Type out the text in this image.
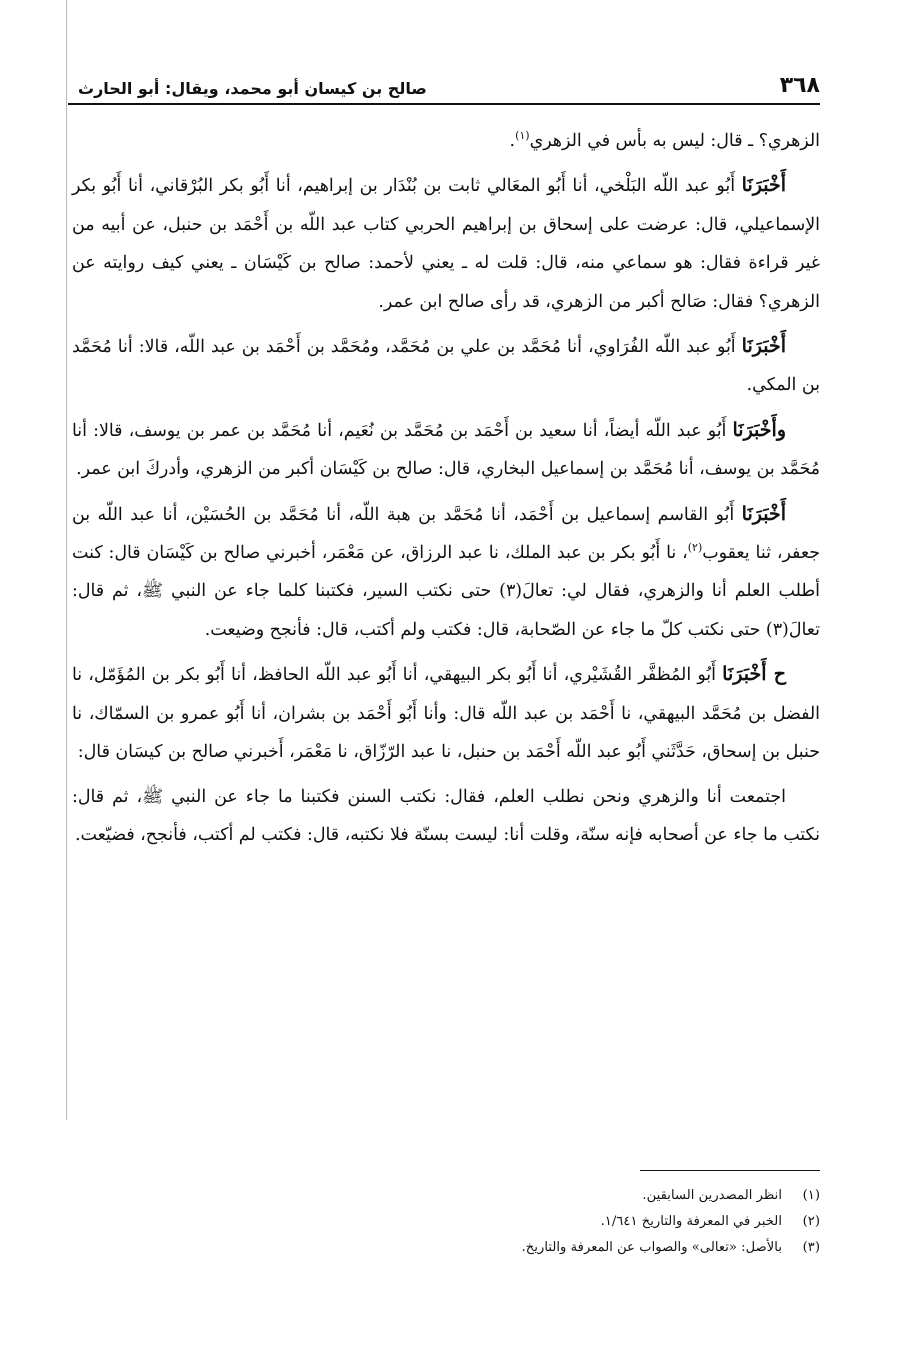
٣٦٨
صالح بن كيسان أبو محمد، ويقال: أبو الحارث

الزهري؟ ـ قال: ليس به بأس في الزهري$^{(١)}$.

أَخْبَرَنَا أَبُو عبد اللّه البَلْخي، أنا أَبُو المعَالي ثابت بن بُنْدَار بن إبراهيم، أنا أَبُو بكر البُرْقاني، أنا أَبُو بكر الإسماعيلي، قال: عرضت على إسحاق بن إبراهيم الحربي كتاب عبد اللّه بن أَحْمَد بن حنبل، عن أبيه من غير قراءة فقال: هو سماعي منه، قال: قلت له ـ يعني لأحمد: صالح بن كَيْسَان ـ يعني كيف روايته عن الزهري؟ فقال: صَالح أكبر من الزهري، قد رأى صالح ابن عمر.

أَخْبَرَنَا أَبُو عبد اللّه الفُرَاوي، أنا مُحَمَّد بن علي بن مُحَمَّد، ومُحَمَّد بن أَحْمَد بن عبد اللّه، قالا: أنا مُحَمَّد بن المكي.

وأَخْبَرَنَا أَبُو عبد اللّه أيضاً، أنا سعيد بن أَحْمَد بن مُحَمَّد بن نُعَيم، أنا مُحَمَّد بن عمر بن يوسف، قالا: أنا مُحَمَّد بن يوسف، أنا مُحَمَّد بن إسماعيل البخاري، قال: صالح بن كَيْسَان أكبر من الزهري، وأدركَ ابن عمر.

أَخْبَرَنَا أَبُو القاسم إسماعيل بن أَحْمَد، أنا مُحَمَّد بن هبة اللّه، أنا مُحَمَّد بن الحُسَيْن، أنا عبد اللّه بن جعفر، ثنا يعقوب$^{(٢)}$، نا أَبُو بكر بن عبد الملك، نا عبد الرزاق، عن مَعْمَر، أخبرني صالح بن كَيْسَان قال: كنت أطلب العلم أنا والزهري، فقال لي: تعالَ(٣) حتى نكتب السير، فكتبنا كلما جاء عن النبي ﷺ، ثم قال: تعالَ(٣) حتى نكتب كلّ ما جاء عن الصّحابة، قال: فكتب ولم أكتب، قال: فأنجح وضيعت.

ح أَخْبَرَنَا أَبُو المُظفَّر القُشَيْري، أنا أَبُو بكر البيهقي، أنا أَبُو عبد اللّه الحافظ، أنا أَبُو بكر بن المُؤَمّل، نا الفضل بن مُحَمَّد البيهقي، نا أَحْمَد بن عبد اللّه قال: وأنا أَبُو أَحْمَد بن بشران، أنا أَبُو عمرو بن السمّاك، نا حنبل بن إسحاق، حَدَّثَني أَبُو عبد اللّه أَحْمَد بن حنبل، نا عبد الرّزّاق، نا مَعْمَر، أَخبرني صالح بن كيسَان قال:

اجتمعت أنا والزهري ونحن نطلب العلم، فقال: نكتب السنن فكتبنا ما جاء عن النبي ﷺ، ثم قال: نكتب ما جاء عن أصحابه فإنه سنّة، وقلت أنا: ليست بسنّة فلا نكتبه، قال: فكتب لم أكتب، فأنجح، فضيّعت.

(١)
انظر المصدرين السابقين.
(٢)
الخبر في المعرفة والتاريخ ١/٦٤١.
(٣)
بالأصل: «تعالى» والصواب عن المعرفة والتاريخ.
